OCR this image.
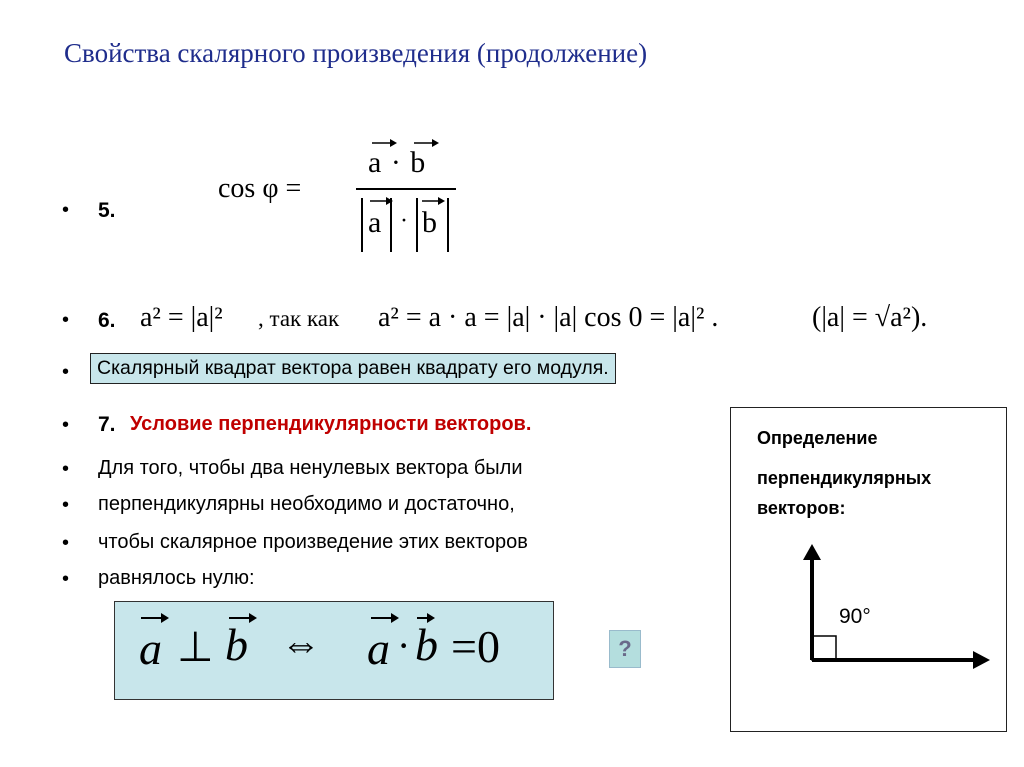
Свойства скалярного произведения (продолжение)
• 5.
cos φ =
a · b
a · b
• 6. a² = |a|² , так как a² = a · a = |a| · |a| cos 0 = |a|² .	(|a| = √a²).
•	Скалярный квадрат вектора равен квадрату его модуля.
• 7. Условие перпендикулярности векторов.
• Для того, чтобы два ненулевых вектора были
• перпендикулярны необходимо и достаточно,
• чтобы скалярное произведение этих векторов
• равнялось нулю:
a ⊥ b ⇔ a · b =0	?
Определение
перпендикулярных
векторов:
90°
